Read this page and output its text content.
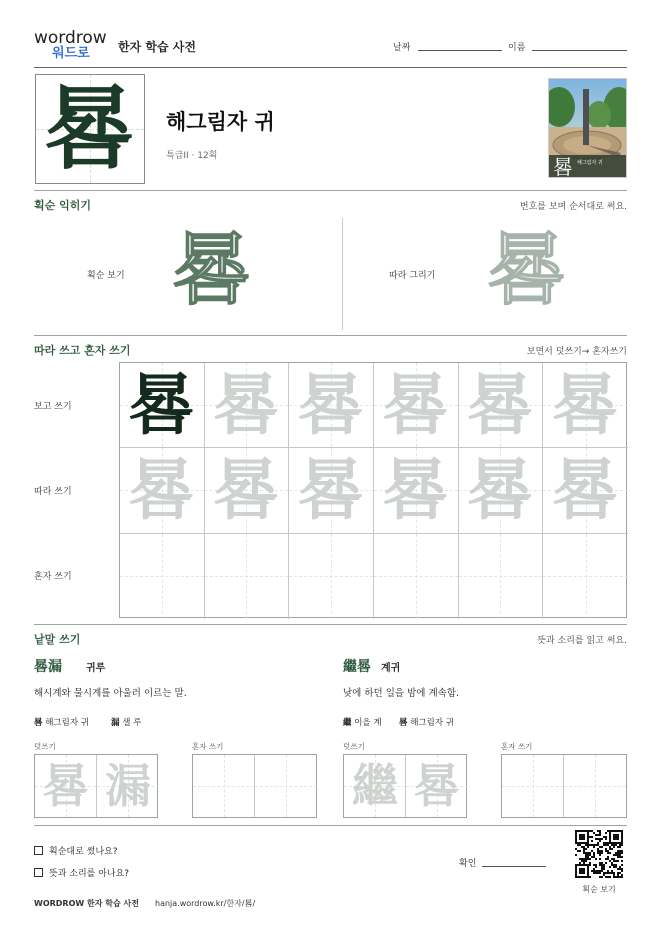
wordrow
워드로	한자 학습 사전	날짜	이름
晷	해그림자 귀
특급II · 12획	晷 해그림자 귀
획순 익히기	번호를 보며 순서대로 써요.
획순 보기 晷	따라 그리기 晷
따라 쓰고 혼자 쓰기	보면서 덧쓰기→ 혼자쓰기
보고 쓰기
따라 쓰기
혼자 쓰기
晷 晷 晷 晷 晷 晷
晷 晷 晷 晷 晷 晷
낱말 쓰기	뜻과 소리를 읽고 써요.
晷漏 귀루
해시계와 물시계를 아울러 이르는 말.
晷 해그림자 귀	漏 샐 루
덧쓰기	혼자 쓰기
晷 漏
繼晷 계귀
낮에 하던 일을 밤에 계속함.
繼 이을 계 晷 해그림자 귀
덧쓰기	혼자 쓰기
繼 晷
획순대로 썼나요?
뜻과 소리를 아나요?
확인
획순 보기
WORDROW 한자 학습 사전 hanja.wordrow.kr/한자/晷/
